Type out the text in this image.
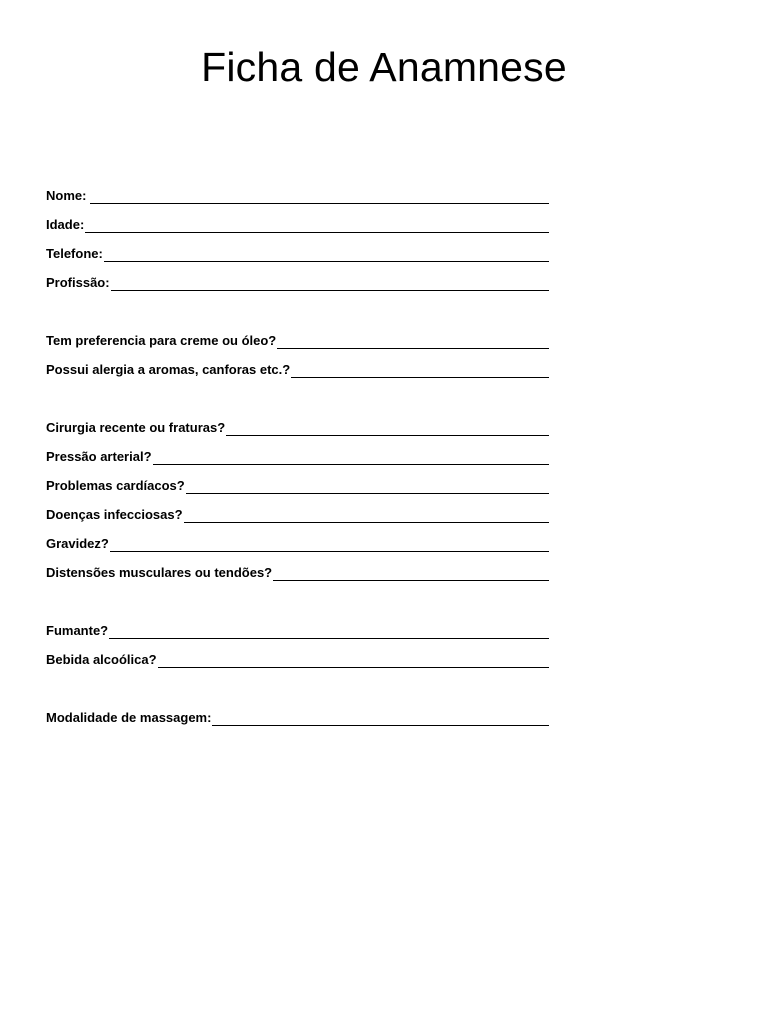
Ficha de Anamnese
Nome:
Idade:
Telefone:
Profissão:
Tem preferencia para creme ou óleo?
Possui alergia a aromas, canforas etc.?
Cirurgia recente ou fraturas?
Pressão arterial?
Problemas cardíacos?
Doenças infecciosas?
Gravidez?
Distensões musculares ou tendões?
Fumante?
Bebida alcoólica?
Modalidade de massagem:
